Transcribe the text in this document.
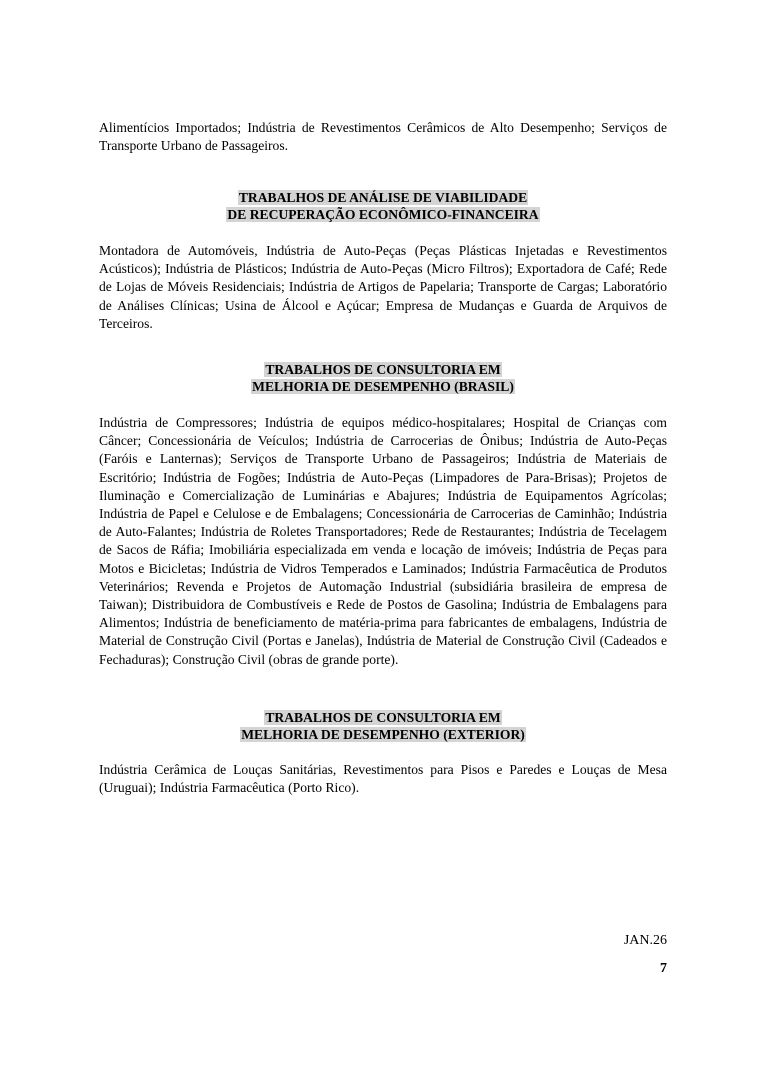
Alimentícios Importados; Indústria de Revestimentos Cerâmicos de Alto Desempenho; Serviços de Transporte Urbano de Passageiros.

TRABALHOS DE ANÁLISE DE VIABILIDADE
DE RECUPERAÇÃO ECONÔMICO-FINANCEIRA

Montadora de Automóveis, Indústria de Auto-Peças (Peças Plásticas Injetadas e Revestimentos Acústicos); Indústria de Plásticos; Indústria de Auto-Peças (Micro Filtros); Exportadora de Café; Rede de Lojas de Móveis Residenciais; Indústria de Artigos de Papelaria; Transporte de Cargas; Laboratório de Análises Clínicas; Usina de Álcool e Açúcar; Empresa de Mudanças e Guarda de Arquivos de Terceiros.

TRABALHOS DE CONSULTORIA EM
MELHORIA DE DESEMPENHO (BRASIL)

Indústria de Compressores; Indústria de equipos médico-hospitalares; Hospital de Crianças com Câncer; Concessionária de Veículos; Indústria de Carrocerias de Ônibus; Indústria de Auto-Peças (Faróis e Lanternas); Serviços de Transporte Urbano de Passageiros; Indústria de Materiais de Escritório; Indústria de Fogões; Indústria de Auto-Peças (Limpadores de Para-Brisas); Projetos de Iluminação e Comercialização de Luminárias e Abajures; Indústria de Equipamentos Agrícolas; Indústria de Papel e Celulose e de Embalagens; Concessionária de Carrocerias de Caminhão; Indústria de Auto-Falantes; Indústria de Roletes Transportadores; Rede de Restaurantes; Indústria de Tecelagem de Sacos de Ráfia; Imobiliária especializada em venda e locação de imóveis; Indústria de Peças para Motos e Bicicletas; Indústria de Vidros Temperados e Laminados; Indústria Farmacêutica de Produtos Veterinários; Revenda e Projetos de Automação Industrial (subsidiária brasileira de empresa de Taiwan); Distribuidora de Combustíveis e Rede de Postos de Gasolina; Indústria de Embalagens para Alimentos; Indústria de beneficiamento de matéria-prima para fabricantes de embalagens, Indústria de Material de Construção Civil (Portas e Janelas), Indústria de Material de Construção Civil (Cadeados e Fechaduras); Construção Civil (obras de grande porte).

TRABALHOS DE CONSULTORIA EM
MELHORIA DE DESEMPENHO (EXTERIOR)

Indústria Cerâmica de Louças Sanitárias, Revestimentos para Pisos e Paredes e Louças de Mesa (Uruguai); Indústria Farmacêutica (Porto Rico).

JAN.26
7
